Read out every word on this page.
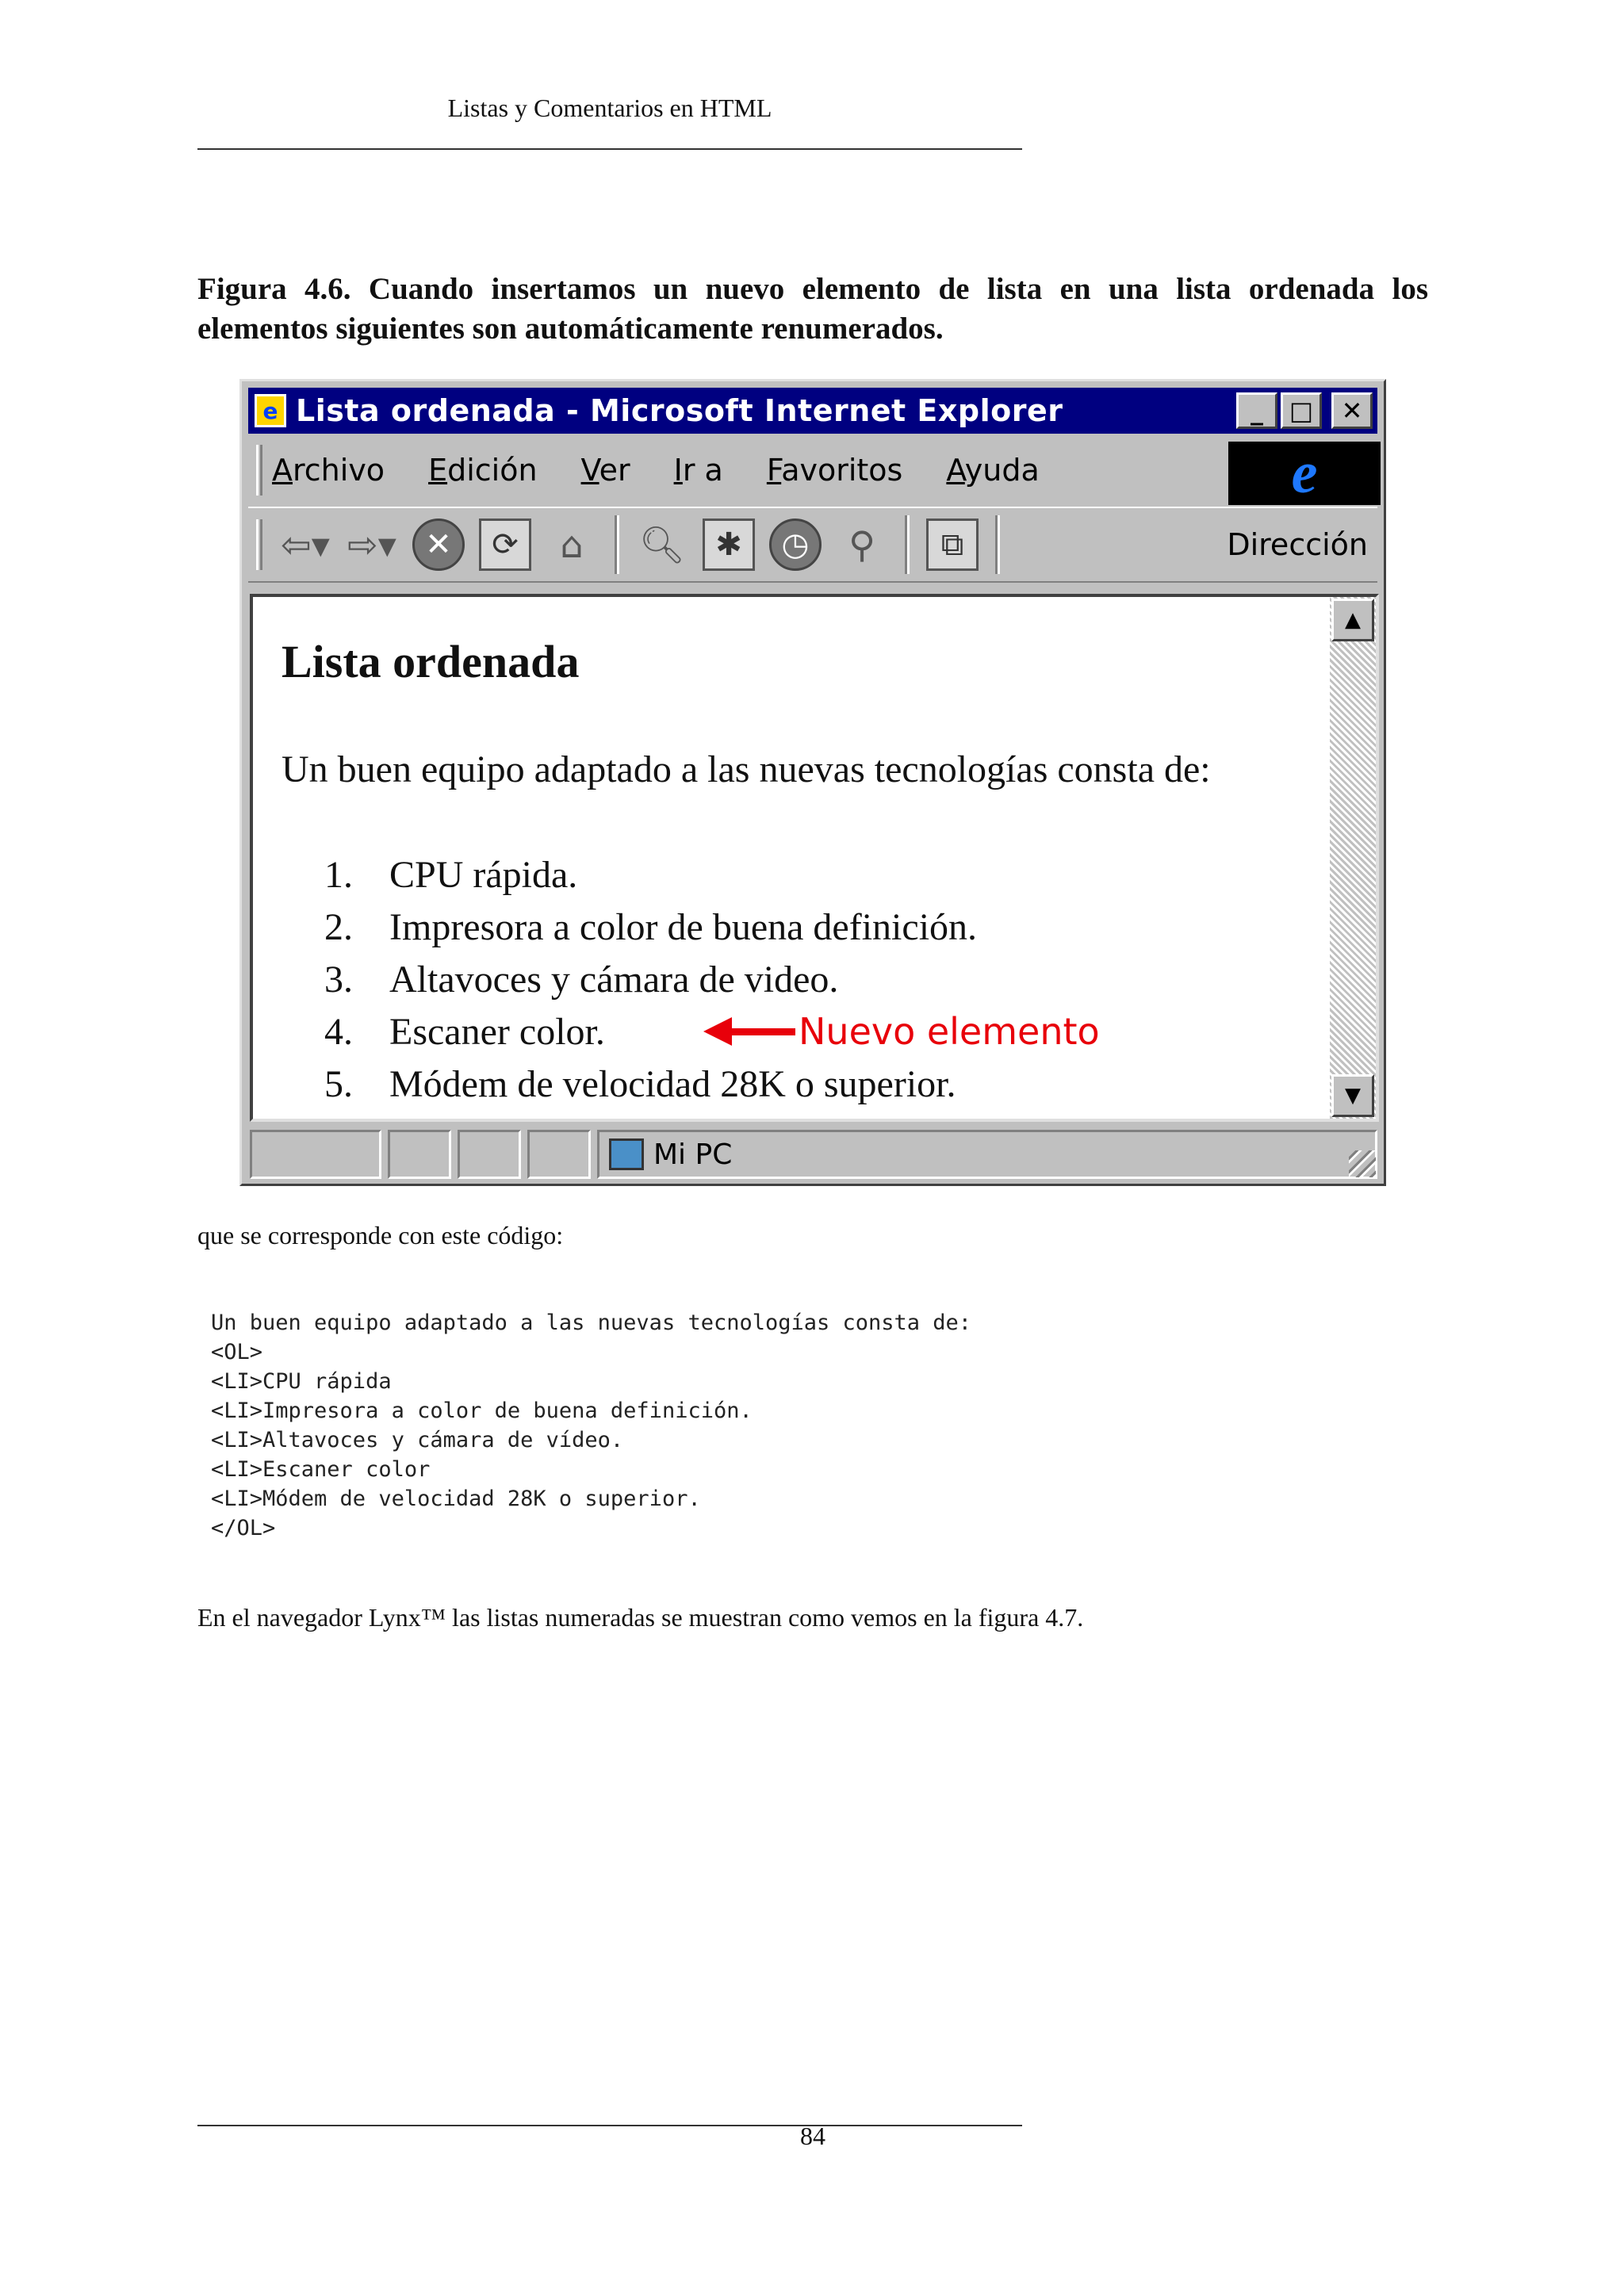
Listas y Comentarios en HTML
Figura 4.6. Cuando insertamos un nuevo elemento de lista en una lista ordenada los elementos siguientes son automáticamente renumerados.
e Lista ordenada - Microsoft Internet Explorer	_	□	✕
Archivo Edición Ver Ir a Favoritos Ayuda	e
⇦▾ ⇨▾ ✕	⟳	⌂	🔍︎ ✱	◷	⚲	⧉	Dirección
Lista ordenada
Un buen equipo adaptado a las nuevas tecnologías consta de:
1. CPU rápida.
2. Impresora a color de buena definición.
3. Altavoces y cámara de video.
4. Escaner color.
5. Módem de velocidad 28K o superior.
Nuevo elemento
▲
▼
Mi PC
que se corresponde con este código:
Un buen equipo adaptado a las nuevas tecnologías consta de:
<OL>
<LI>CPU rápida
<LI>Impresora a color de buena definición.
<LI>Altavoces y cámara de vídeo.
<LI>Escaner color
<LI>Módem de velocidad 28K o superior.
</OL>
En el navegador Lynx™ las listas numeradas se muestran como vemos en la figura 4.7.
84
